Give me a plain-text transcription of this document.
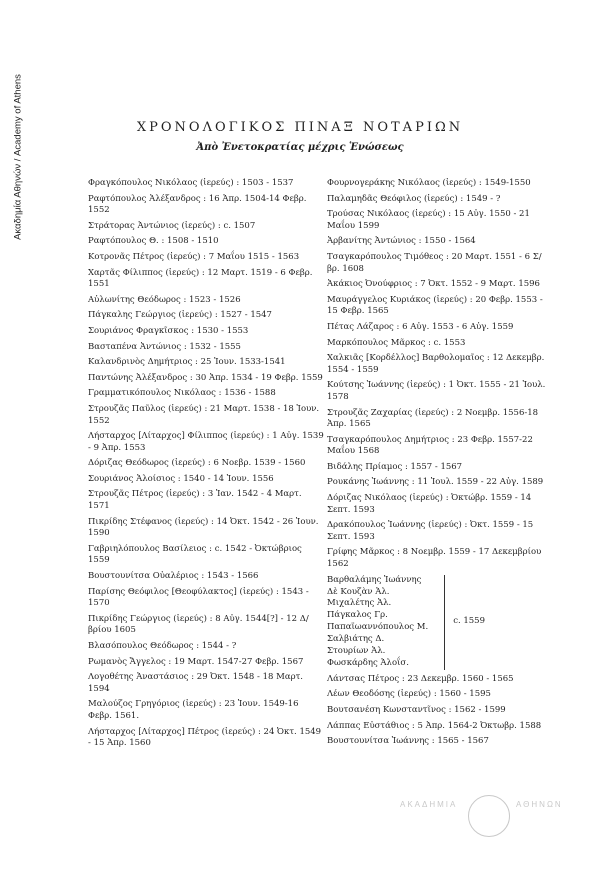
Ακαδημία Αθηνών / Academy of Athens	ΧΡΟΝΟΛΟΓΙΚΟΣ ΠΙΝΑΞ ΝΟΤΑΡΙΩΝ
Ἀπὸ Ἐνετοκρατίας μέχρις Ἑνώσεως
Φραγκόπουλος Νικόλαος (ἱερεύς) : 1503 - 1537
Ραφτόπουλος Ἀλέξανδρος : 16 Ἀπρ. 1504-14 Φεβρ. 1552
Στράτορας Ἀντώνιος (ἱερεύς) : c. 1507
Ραφτόπουλος Θ. : 1508 - 1510
Κοτρονᾶς Πέτρος (ἱερεύς) : 7 Μαΐου 1515 - 1563
Χαρτᾶς Φίλιππος (ἱερεύς) : 12 Μαρτ. 1519 - 6 Φεβρ. 1551
Αὐλωνίτης Θεόδωρος : 1523 - 1526
Πάγκαλης Γεώργιος (ἱερεύς) : 1527 - 1547
Σουριάνος Φραγκῖσκος : 1530 - 1553
Βασταπένα Ἀντώνιος : 1532 - 1555
Καλανδρινὸς Δημήτριος : 25 Ἰουν. 1533-1541
Παντώνης Ἀλέξανδρος : 30 Ἀπρ. 1534 - 19 Φεβρ. 1559
Γραμματικόπουλος Νικόλαος : 1536 - 1588
Στρουζᾶς Παῦλος (ἱερεύς) : 21 Μαρτ. 1538 - 18 Ἰουν. 1552
Λήσταρχος [Λίταρχος] Φίλιππος (ἱερεύς) : 1 Αὐγ. 1539 - 9 Ἀπρ. 1553
Δόριζας Θεόδωρος (ἱερεύς) : 6 Νοεβρ. 1539 - 1560
Σουριάνος Ἀλοίσιος : 1540 - 14 Ἰουν. 1556
Στρουζᾶς Πέτρος (ἱερεύς) : 3 Ἰαν. 1542 - 4 Μαρτ. 1571
Πικρίδης Στέφανος (ἱερεύς) : 14 Ὀκτ. 1542 - 26 Ἰουν. 1590
Γαβριηλόπουλος Βασίλειος : c. 1542 - Ὀκτώβριος 1559
Βουστουνίτσα Οὐαλέριος : 1543 - 1566
Παρίσης Θεόφιλος [Θεοφύλακτος] (ἱερεύς) : 1543 - 1570
Πικρίδης Γεώργιος (ἱερεύς) : 8 Αὐγ. 1544[?] - 12 Δ/βρίου 1605
Βλασόπουλος Θεόδωρος : 1544 - ?
Ρωμανὸς Ἄγγελος : 19 Μαρτ. 1547-27 Φεβρ. 1567
Λογοθέτης Ἀναστάσιος : 29 Ὀκτ. 1548 - 18 Μαρτ. 1594
Μαλούζος Γρηγόριος (ἱερεύς) : 23 Ἰουν. 1549-16 Φεβρ. 1561.
Λήσταρχος [Λίταρχος] Πέτρος (ἱερεύς) : 24 Ὀκτ. 1549 - 15 Ἀπρ. 1560
Φουρνογεράκης Νικόλαος (ἱερεύς) : 1549-1550
Παλαμηδᾶς Θεόφιλος (ἱερεύς) : 1549 - ?
Τρούσας Νικόλαος (ἱερεύς) : 15 Αὐγ. 1550 - 21 Μαΐου 1599
Ἀρβανίτης Ἀντώνιος : 1550 - 1564
Τσαγκαρόπουλος Τιμόθεος : 20 Μαρτ. 1551 - 6 Σ/βρ. 1608
Ἀκάκιος Ὀνούφριος : 7 Ὀκτ. 1552 - 9 Μαρτ. 1596
Μαυράγγελος Κυριάκος (ἱερεύς) : 20 Φεβρ. 1553 - 15 Φεβρ. 1565
Πέτας Λάζαρος : 6 Αὐγ. 1553 - 6 Αὐγ. 1559
Μαρκόπουλος Μᾶρκος : c. 1553
Χαλκιᾶς [Κορδέλλος] Βαρθολομαῖος : 12 Δεκεμβρ. 1554 - 1559
Κούτσης Ἰωάννης (ἱερεύς) : 1 Ὀκτ. 1555 - 21 Ἰουλ. 1578
Στρουζᾶς Ζαχαρίας (ἱερεύς) : 2 Νοεμβρ. 1556-18 Ἀπρ. 1565
Τσαγκαρόπουλος Δημήτριος : 23 Φεβρ. 1557-22 Μαΐου 1568
Βιδάλης Πρίαμος : 1557 - 1567
Ρουκάνης Ἰωάννης : 11 Ἰουλ. 1559 - 22 Αὐγ. 1589
Δόριζας Νικόλαος (ἱερεύς) : Ὀκτώβρ. 1559 - 14 Σεπτ. 1593
Δρακόπουλος Ἰωάννης (ἱερεύς) : Ὀκτ. 1559 - 15 Σεπτ. 1593
Γρίφης Μᾶρκος : 8 Νοεμβρ. 1559 - 17 Δεκεμβρίου 1562
Βαρθαλάμης Ἰωάννης
Δὲ Κουζὰν Ἀλ.
Μιχαλέτης Ἀλ.
Πάγκαλος Γρ.
Παπαϊωαννόπουλος Μ.
Σαλβιάτης Δ.
Στουρίων Ἀλ.
Φωσκάρδης Ἀλοΐσ.
c. 1559
Λάντσας Πέτρος : 23 Δεκεμβρ. 1560 - 1565
Λέων Θεοδόσης (ἱερεύς) : 1560 - 1595
Βουτσανέση Κωνσταντῖνος : 1562 - 1599
Λάππας Εὐστάθιος : 5 Ἀπρ. 1564-2 Ὀκτωβρ. 1588
Βουστουνίτσα Ἰωάννης : 1565 - 1567
ΑΚΑΔΗΜΙΑ	ΑΘΗΝΩΝ
